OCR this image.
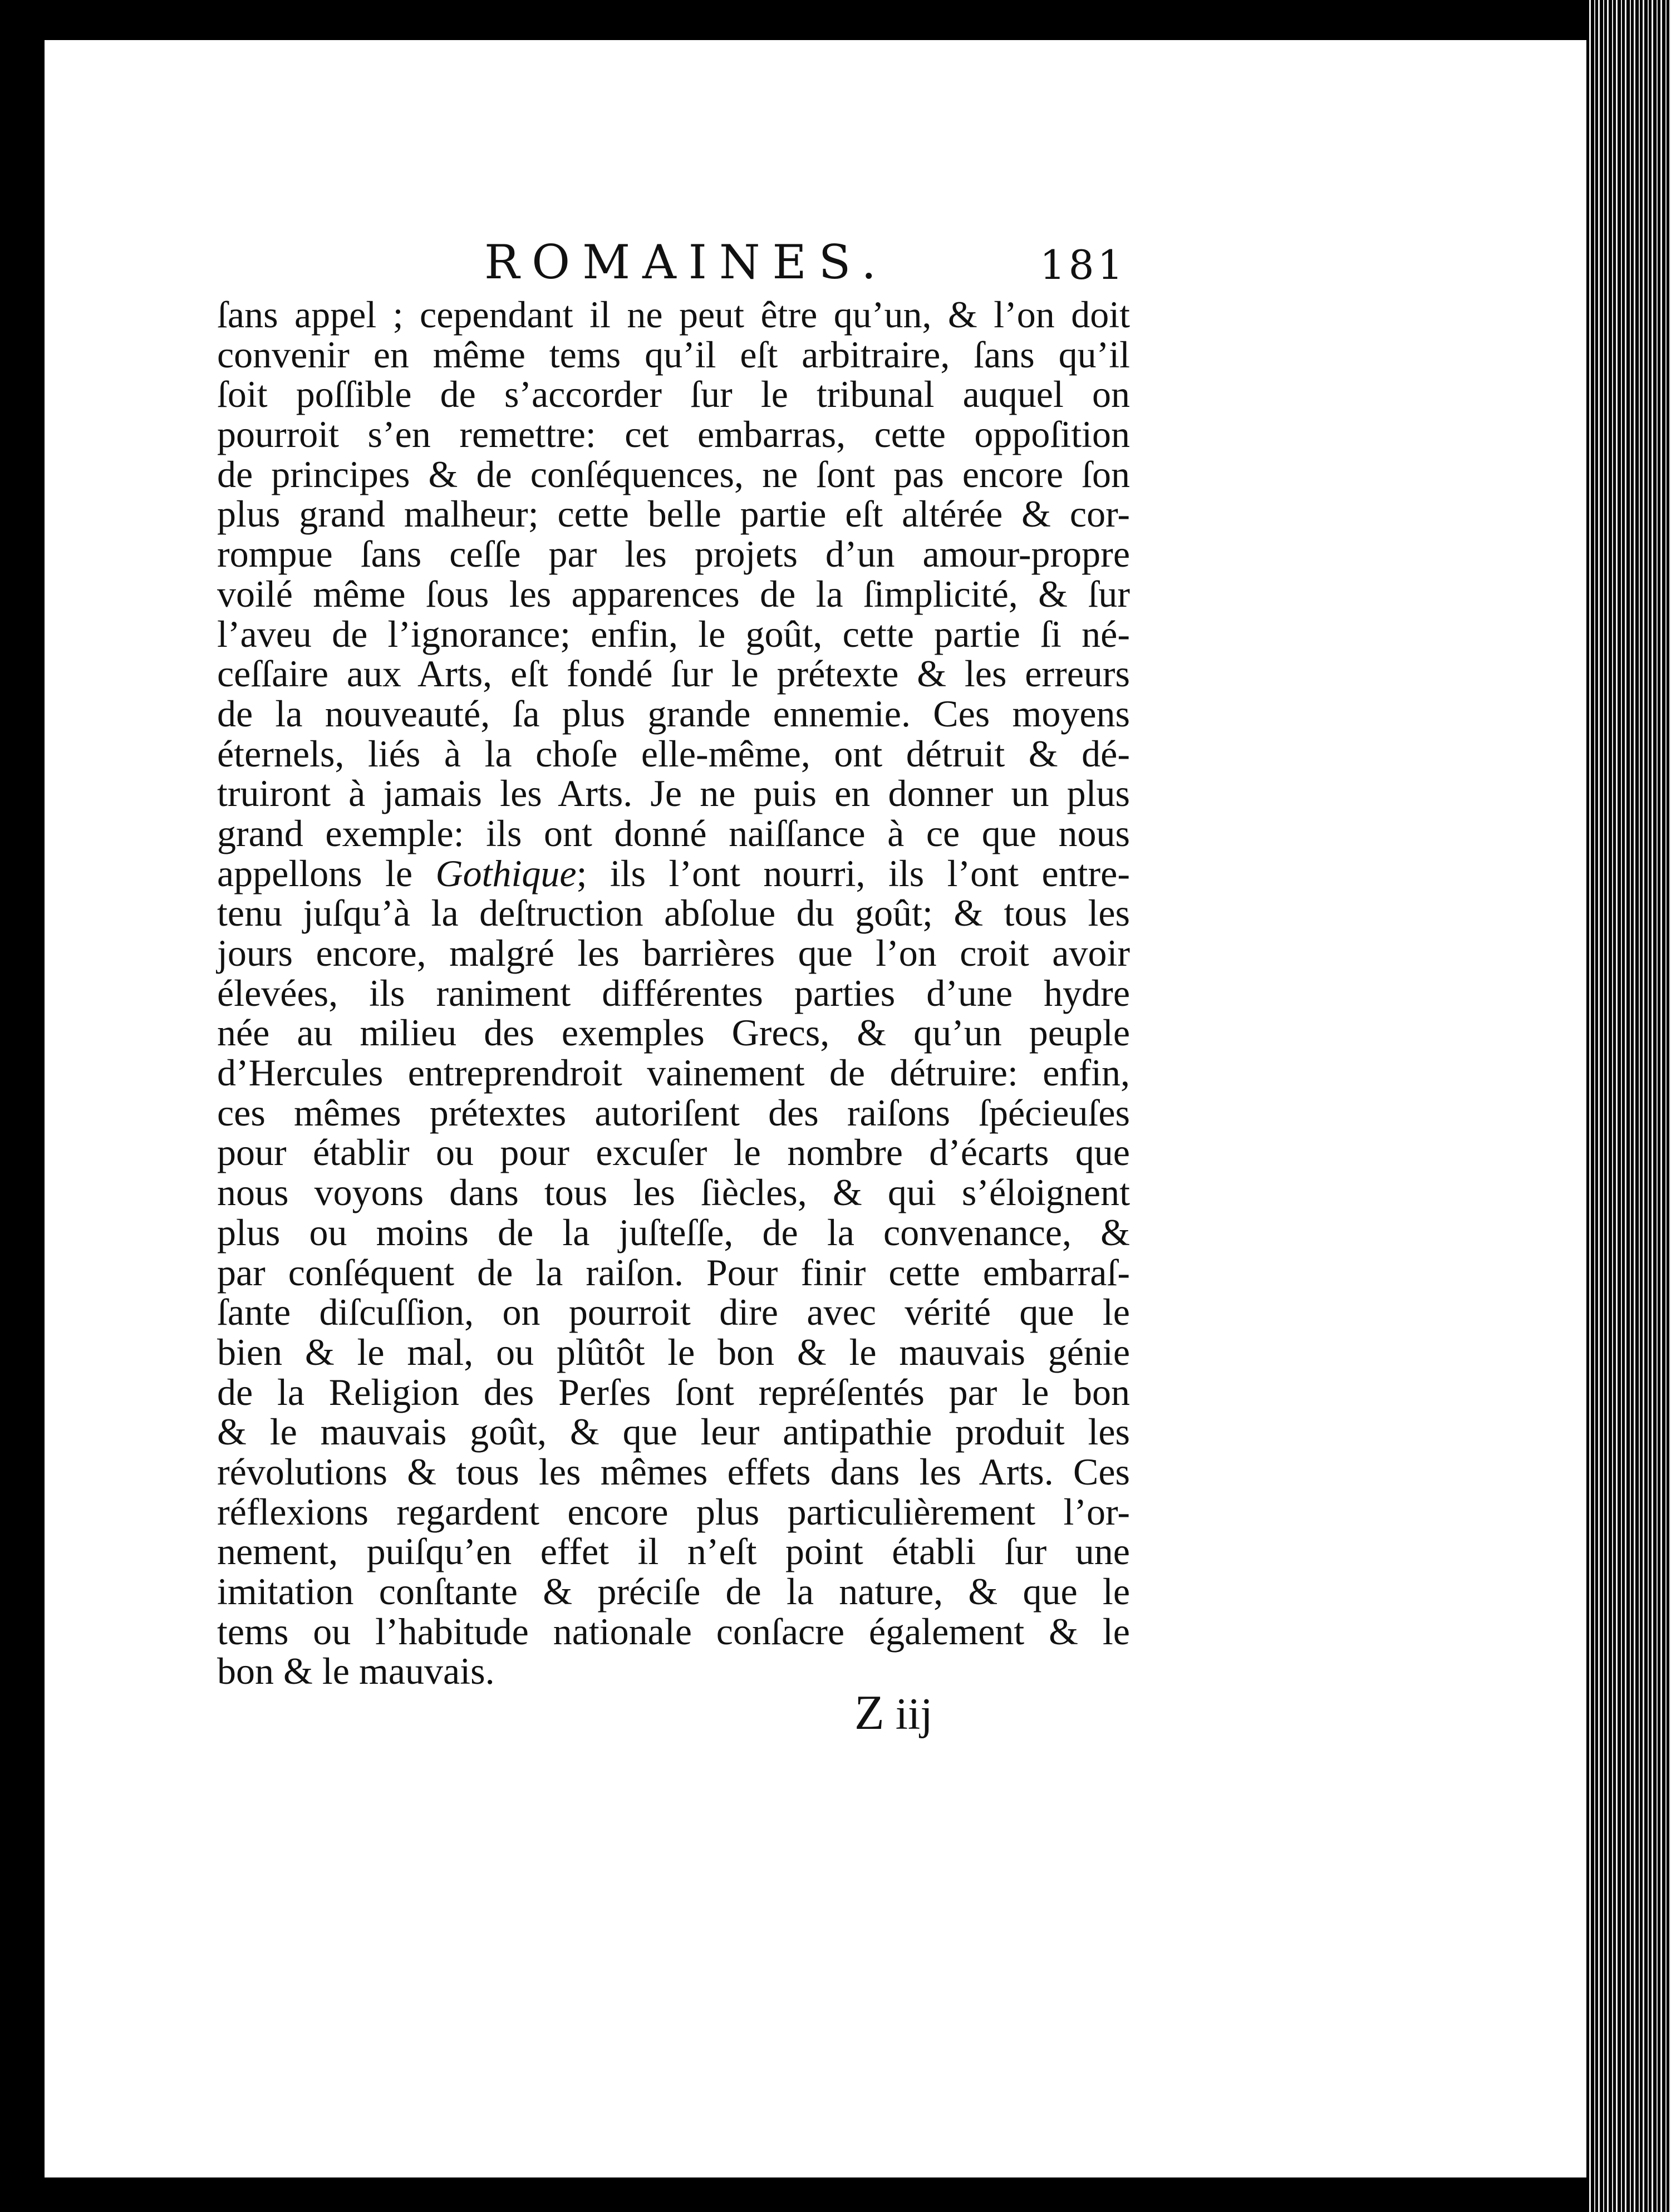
ROMAINES.	181
ſans appel ; cependant il ne peut être qu’un, & l’on doit
convenir en même tems qu’il eſt arbitraire, ſans qu’il
ſoit poſſible de s’accorder ſur le tribunal auquel on
pourroit s’en remettre: cet embarras, cette oppoſition
de principes & de conſéquences, ne ſont pas encore ſon
plus grand malheur; cette belle partie eſt altérée & cor-
rompue ſans ceſſe par les projets d’un amour-propre
voilé même ſous les apparences de la ſimplicité, & ſur
l’aveu de l’ignorance; enfin, le goût, cette partie ſi né-
ceſſaire aux Arts, eſt fondé ſur le prétexte & les erreurs
de la nouveauté, ſa plus grande ennemie. Ces moyens
éternels, liés à la choſe elle-même, ont détruit & dé-
truiront à jamais les Arts. Je ne puis en donner un plus
grand exemple: ils ont donné naiſſance à ce que nous
appellons le Gothique; ils l’ont nourri, ils l’ont entre-
tenu juſqu’à la deſtruction abſolue du goût; & tous les
jours encore, malgré les barrières que l’on croit avoir
élevées, ils raniment différentes parties d’une hydre
née au milieu des exemples Grecs, & qu’un peuple
d’Hercules entreprendroit vainement de détruire: enfin,
ces mêmes prétextes autoriſent des raiſons ſpécieuſes
pour établir ou pour excuſer le nombre d’écarts que
nous voyons dans tous les ſiècles, & qui s’éloignent
plus ou moins de la juſteſſe, de la convenance, &
par conſéquent de la raiſon. Pour finir cette embarraſ-
ſante diſcuſſion, on pourroit dire avec vérité que le
bien & le mal, ou plûtôt le bon & le mauvais génie
de la Religion des Perſes ſont repréſentés par le bon
& le mauvais goût, & que leur antipathie produit les
révolutions & tous les mêmes effets dans les Arts. Ces
réflexions regardent encore plus particulièrement l’or-
nement, puiſqu’en effet il n’eſt point établi ſur une
imitation conſtante & préciſe de la nature, & que le
tems ou l’habitude nationale conſacre également & le
bon & le mauvais.
Z iij
